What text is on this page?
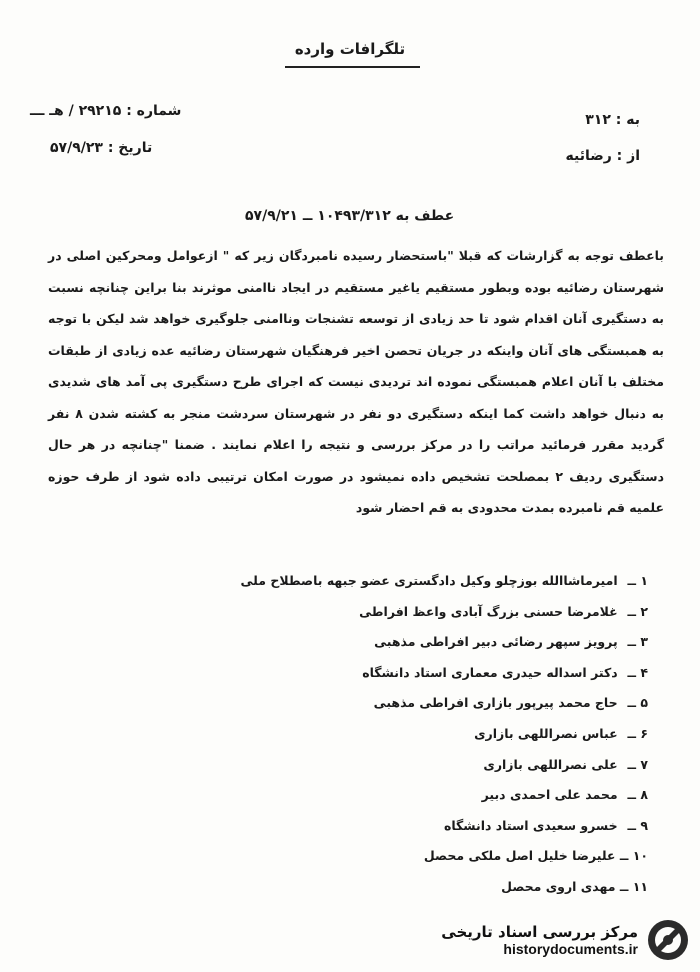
تلگرافات وارده
شماره : ۲۹۲۱۵ / هـ ـــ
تاریخ : ۵۷/۹/۲۳
به : ۳۱۲
از : رضائیه
عطف به ۱۰۴۹۳/۳۱۲ ــ ۵۷/۹/۲۱
باعطف توجه به گزارشات که قبلا "باستحضار رسیده نامبردگان زیر که " ازعوامل ومحرکین اصلی در شهرستان رضائیه بوده وبطور مستقیم یاغیر مستقیم در ایجاد ناامنی موثرند بنا براین چنانچه نسبت به دستگیری آنان اقدام شود تا حد زیادی از توسعه تشنجات وناامنی جلوگیری خواهد شد لیکن با توجه به همبستگی های آنان واینکه در جریان تحصن اخیر فرهنگیان شهرستان رضائیه عده زیادی از طبقات مختلف با آنان اعلام همبستگی نموده اند تردیدی نیست که اجرای طرح دستگیری پی آمد های شدیدی به دنبال خواهد داشت کما اینکه دستگیری دو نفر در شهرستان سردشت منجر به کشته شدن ۸ نفر گردید مقرر فرمائید مراتب را در مرکز بررسی و نتیجه را اعلام نمایند . ضمنا "چنانچه در هر حال دستگیری ردیف ۲ بمصلحت تشخیص داده نمیشود در صورت امکان ترتیبی داده شود از طرف حوزه علمیه قم نامبرده بمدت محدودی به قم احضار شود
۱ ــ امیرماشاالله بوزچلو وکیل دادگستری عضو جبهه باصطلاح ملی
۲ ــ غلامرضا حسنی بزرگ آبادی واعظ افراطی
۳ ــ پرویز سپهر رضائی دبیر افراطی مذهبی
۴ ــ دکتر اسداله حیدری معماری استاد دانشگاه
۵ ــ حاج محمد پیرپور بازاری افراطی مذهبی
۶ ــ عباس نصراللهی بازاری
۷ ــ علی نصراللهی بازاری
۸ ــ محمد علی احمدی دبیر
۹ ــ خسرو سعیدی استاد دانشگاه
۱۰ ــ علیرضا خلیل اصل ملکی محصل
۱۱ ــ مهدی اروی محصل
مرکز بررسی اسناد تاریخی
historydocuments.ir
